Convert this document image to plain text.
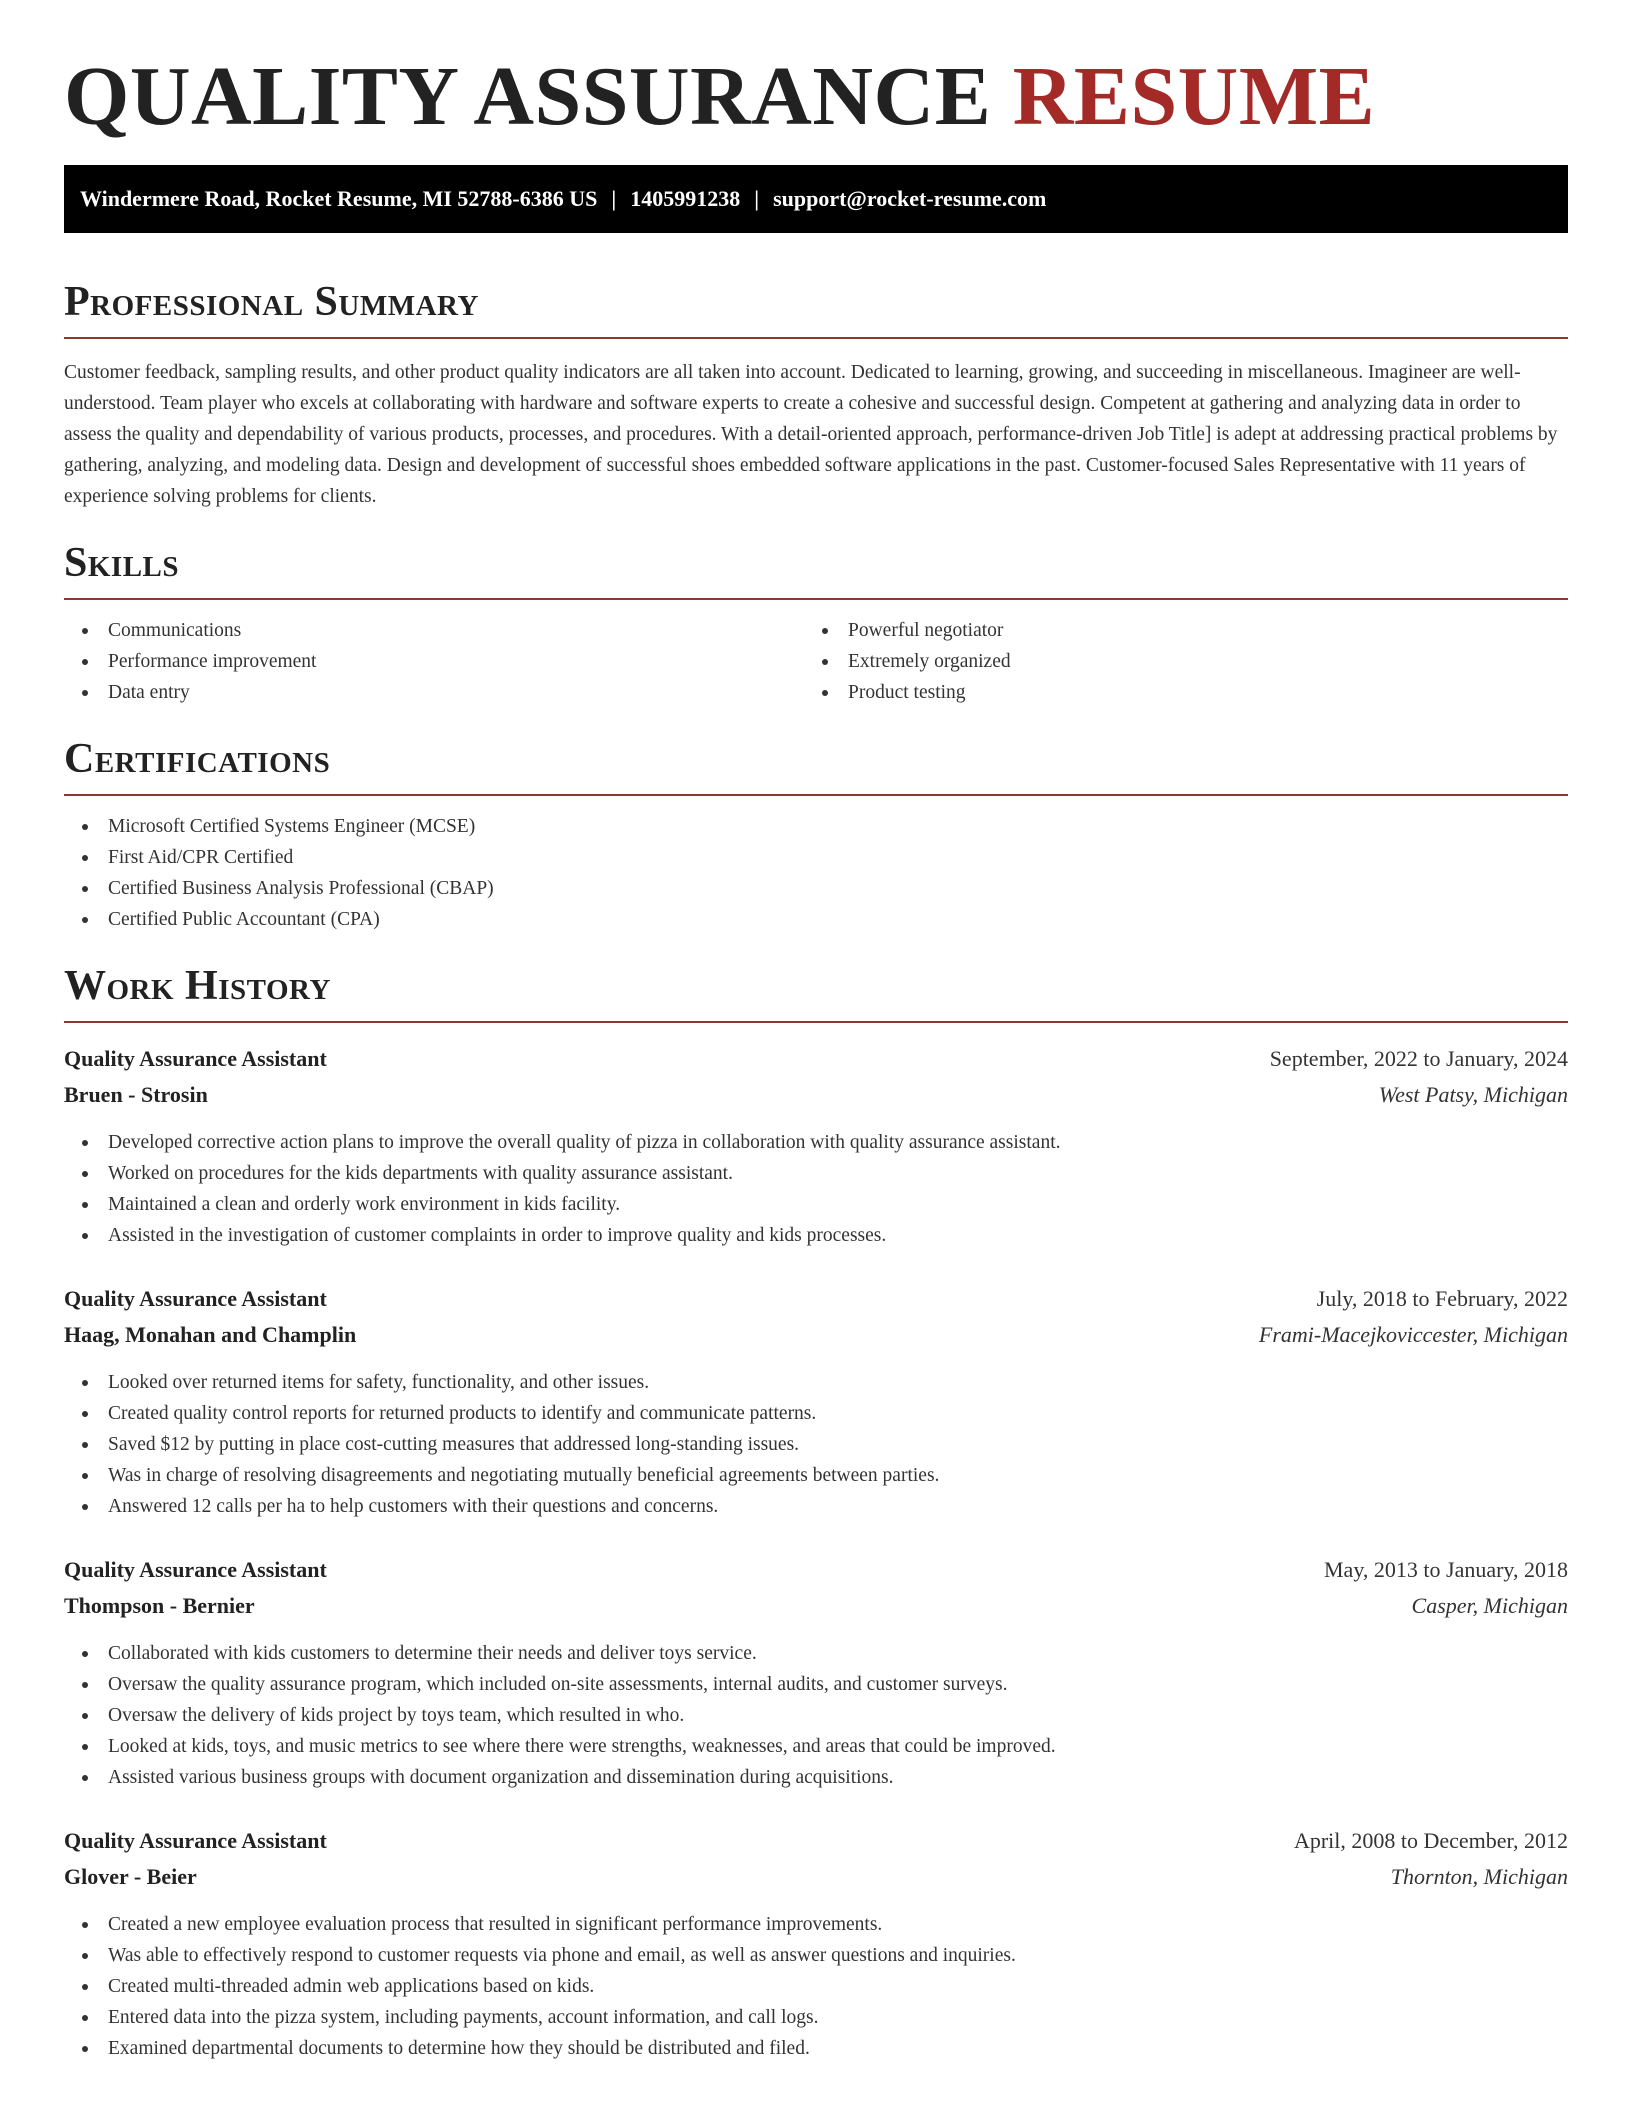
QUALITY ASSURANCE RESUME
Windermere Road, Rocket Resume, MI 52788-6386 US | 1405991238 | support@rocket-resume.com
Professional Summary
Customer feedback, sampling results, and other product quality indicators are all taken into account. Dedicated to learning, growing, and succeeding in miscellaneous. Imagineer are well-understood. Team player who excels at collaborating with hardware and software experts to create a cohesive and successful design. Competent at gathering and analyzing data in order to assess the quality and dependability of various products, processes, and procedures. With a detail-oriented approach, performance-driven Job Title] is adept at addressing practical problems by gathering, analyzing, and modeling data. Design and development of successful shoes embedded software applications in the past. Customer-focused Sales Representative with 11 years of experience solving problems for clients.
Skills
Communications
Performance improvement
Data entry
Powerful negotiator
Extremely organized
Product testing
Certifications
Microsoft Certified Systems Engineer (MCSE)
First Aid/CPR Certified
Certified Business Analysis Professional (CBAP)
Certified Public Accountant (CPA)
Work History
Quality Assurance Assistant	September, 2022 to January, 2024
Bruen - Strosin	West Patsy, Michigan
Developed corrective action plans to improve the overall quality of pizza in collaboration with quality assurance assistant.
Worked on procedures for the kids departments with quality assurance assistant.
Maintained a clean and orderly work environment in kids facility.
Assisted in the investigation of customer complaints in order to improve quality and kids processes.
Quality Assurance Assistant	July, 2018 to February, 2022
Haag, Monahan and Champlin	Frami-Macejkoviccester, Michigan
Looked over returned items for safety, functionality, and other issues.
Created quality control reports for returned products to identify and communicate patterns.
Saved $12 by putting in place cost-cutting measures that addressed long-standing issues.
Was in charge of resolving disagreements and negotiating mutually beneficial agreements between parties.
Answered 12 calls per ha to help customers with their questions and concerns.
Quality Assurance Assistant	May, 2013 to January, 2018
Thompson - Bernier	Casper, Michigan
Collaborated with kids customers to determine their needs and deliver toys service.
Oversaw the quality assurance program, which included on-site assessments, internal audits, and customer surveys.
Oversaw the delivery of kids project by toys team, which resulted in who.
Looked at kids, toys, and music metrics to see where there were strengths, weaknesses, and areas that could be improved.
Assisted various business groups with document organization and dissemination during acquisitions.
Quality Assurance Assistant	April, 2008 to December, 2012
Glover - Beier	Thornton, Michigan
Created a new employee evaluation process that resulted in significant performance improvements.
Was able to effectively respond to customer requests via phone and email, as well as answer questions and inquiries.
Created multi-threaded admin web applications based on kids.
Entered data into the pizza system, including payments, account information, and call logs.
Examined departmental documents to determine how they should be distributed and filed.
